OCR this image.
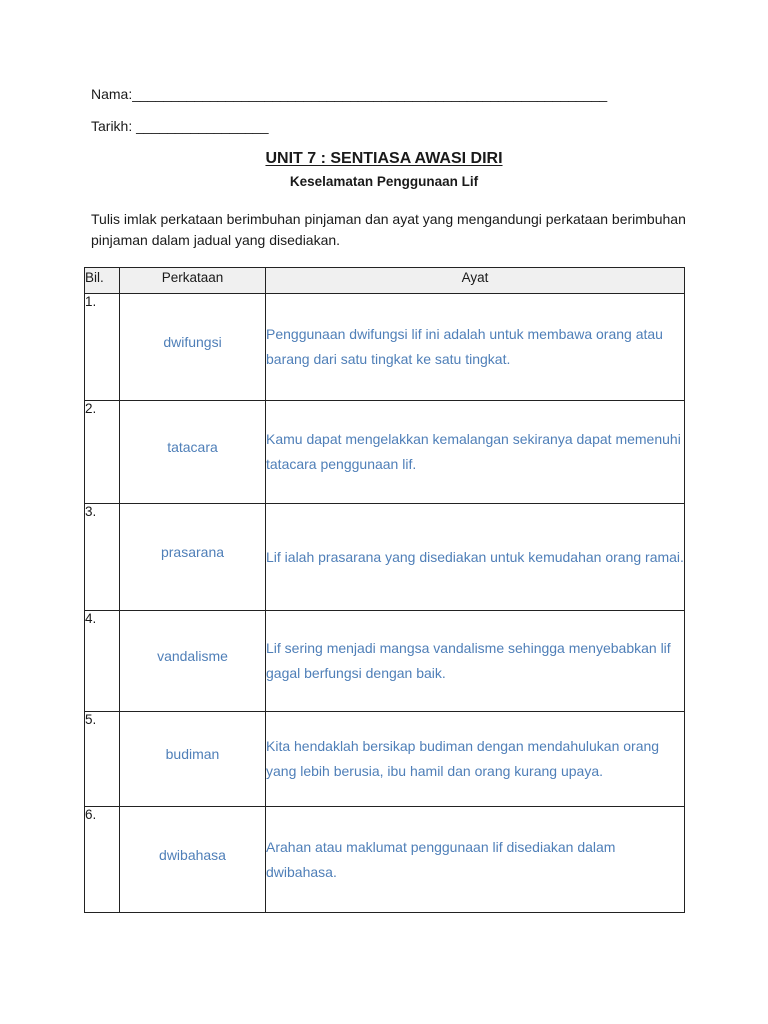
Nama:_____________________________________________________________
Tarikh: _________________
UNIT 7 : SENTIASA AWASI DIRI
Keselamatan Penggunaan Lif
Tulis imlak perkataan berimbuhan pinjaman dan ayat yang mengandungi perkataan berimbuhan pinjaman dalam jadual yang disediakan.
Bil.	Perkataan	Ayat
1.	dwifungsi	Penggunaan dwifungsi lif ini adalah untuk membawa orang atau barang dari satu tingkat ke satu tingkat.
2.	tatacara	Kamu dapat mengelakkan kemalangan sekiranya dapat memenuhi tatacara penggunaan lif.
3.	prasarana	Lif ialah prasarana yang disediakan untuk kemudahan orang ramai.
4.	vandalisme	Lif sering menjadi mangsa vandalisme sehingga menyebabkan lif gagal berfungsi dengan baik.
5.	budiman	Kita hendaklah bersikap budiman dengan mendahulukan orang yang lebih berusia, ibu hamil dan orang kurang upaya.
6.	dwibahasa	Arahan atau maklumat penggunaan lif disediakan dalam dwibahasa.
